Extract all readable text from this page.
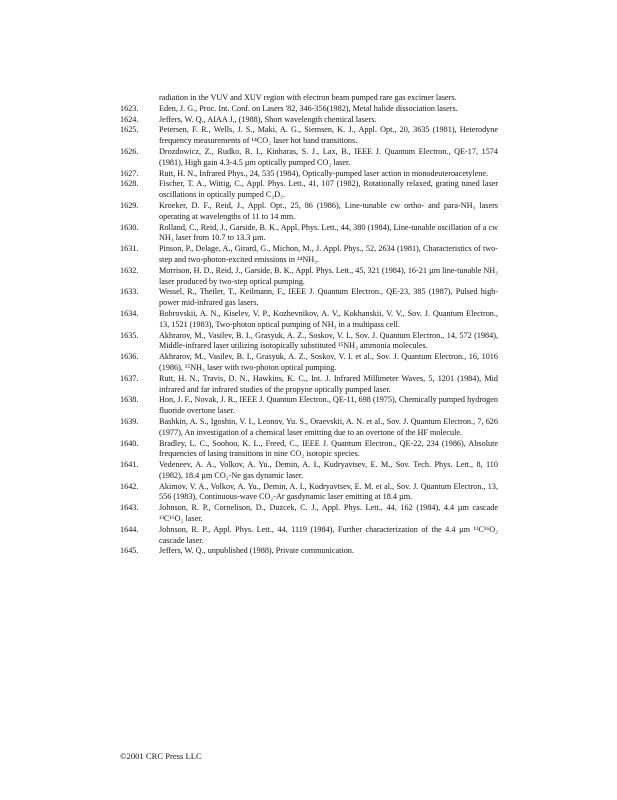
radiation in the VUV and XUV region with electron beam pumped rare gas excimer lasers.
1623.	Eden, J. G., Proc. Int. Conf. on Lasers '82, 346-356(1982), Metal halide dissociation lasers.
1624.	Jeffers, W. Q., AIAA J., (1988), Short wavelength chemical lasers.
1625.	Petersen, F. R., Wells, J. S., Maki, A. G., Siemsen, K. J., Appl. Opt., 20, 3635 (1981), Heterodyne frequency measurements of ¹⁴CO₂ laser hot band transitions.
1626.	Drozdowicz, Z., Rudko, R. I., Kinharas, S. J., Lax, B., IEEE J. Quantum Electron., QE-17, 1574 (1981), High gain 4.3-4.5 µm optically pumped CO₂ laser.
1627.	Rutt, H. N., Infrared Phys., 24, 535 (1984), Optically-pumped laser action in monodeuteroacetylene.
1628.	Fischer, T. A., Wittig, C., Appl. Phys. Lett., 41, 107 (1982), Rotationally relaxed, grating tuned laser oscillations in optically pumped C₂D₂.
1629.	Kroeker, D. F., Reid, J., Appl. Opt., 25, 86 (1986), Line-tunable cw ortho- and para-NH₃ lasers operating at wavelengths of 11 to 14 mm.
1630.	Rolland, C., Reid, J., Garside, B. K., Appl. Phys. Lett., 44, 380 (1984), Line-tunable oscillation of a cw NH₃ laser from 10.7 to 13.3 µm.
1631.	Pinson, P., Delage, A., Girard, G., Michon, M., J. Appl. Phys., 52, 2634 (1981), Characteristics of two-step and two-photon-excited emissions in ¹⁴NH₃.
1632.	Morrison, H. D., Reid, J., Garside, B. K., Appl. Phys. Lett., 45, 321 (1984), 16-21 µm line-tunable NH₃ laser produced by two-step optical pumping.
1633.	Wessel, R., Theiler, T., Keilmann, F., IEEE J. Quantum Electron., QE-23, 385 (1987), Pulsed high-power mid-infrared gas lasers.
1634.	Bobrovskii, A. N., Kiselev, V. P., Kozhevnikov, A. V., Kokhanskii, V. V., Sov. J. Quantum Electron., 13, 1521 (1983), Two-photon optical pumping of NH₃ in a multipass cell.
1635.	Akhrarov, M., Vasilev, B. I., Grasyuk, A. Z., Soskov, V. I., Sov. J. Quantum Electron., 14, 572 (1984), Middle-infrared laser utilizing isotopically substituted ¹⁵NH₃ ammonia molecules.
1636.	Akhrarov, M., Vasilev, B. I., Grasyuk, A. Z., Soskov, V. I. et al., Sov. J. Quantum Electron., 16, 1016 (1986), ¹⁵NH₃ laser with two-photon optical pumping.
1637.	Rutt, H. N., Travis, D. N., Hawkins, K. C., Int. J. Infrared Millimeter Waves, 5, 1201 (1984), Mid infrared and far infrared studies of the propyne optically pumped laser.
1638.	Hon, J. F., Novak, J. R., IEEE J. Quantum Electron., QE-11, 698 (1975), Chemically pumped hydrogen fluoride overtone laser.
1639.	Bashkin, A. S., Igoshin, V. I., Leonov, Yu. S., Oraevskii, A. N. et al., Sov. J. Quantum Electron., 7, 626 (1977), An investigation of a chemical laser emitting due to an overtone of the HF molecule.
1640.	Bradley, L. C., Soohoo, K. L., Freed, C., IEEE J. Quantum Electron., QE-22, 234 (1986), Absolute frequencies of lasing transitions in nine CO₂ isotopic species.
1641.	Vedeneev, A. A., Volkov, A. Yu., Demin, A. I., Kudryavtsev, E. M., Sov. Tech. Phys. Lett., 8, 110 (1982), 18.4 µm CO₂-Ne gas dynamic laser.
1642.	Akimov, V. A., Volkov, A. Yu., Demin, A. I., Kudryavtsev, E. M. et al., Sov. J. Quantum Electron., 13, 556 (1983), Continuous-wave CO₂-Ar gasdynamic laser emitting at 18.4 µm.
1643.	Johnson, R. P., Cornelison, D., Duzcek, C. J., Appl. Phys. Lett., 44, 162 (1984), 4.4 µm cascade ¹³C¹⁶O₂ laser.
1644.	Johnson, R. P., Appl. Phys. Lett., 44, 1119 (1984), Further characterization of the 4.4 µm ¹³C¹⁶O₂ cascade laser.
1645.	Jeffers, W. Q., unpublished (1988), Private communication.
©2001 CRC Press LLC
